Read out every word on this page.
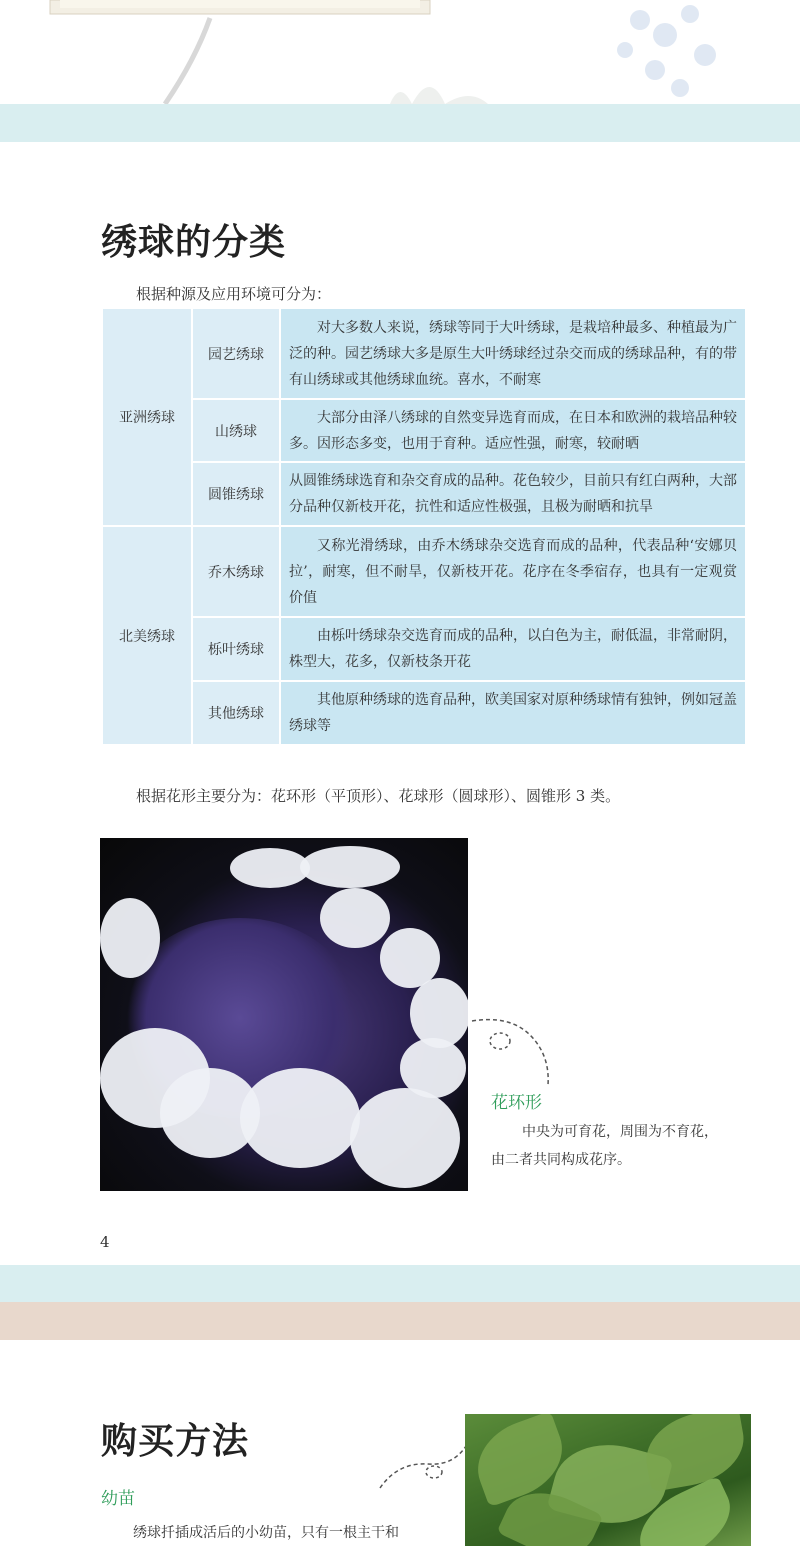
绣球的分类
根据种源及应用环境可分为：
亚洲绣球	园艺绣球	对大多数人来说，绣球等同于大叶绣球，是栽培种最多、种植最为广泛的种。园艺绣球大多是原生大叶绣球经过杂交而成的绣球品种，有的带有山绣球或其他绣球血统。喜水，不耐寒
	山绣球	大部分由泽八绣球的自然变异选育而成，在日本和欧洲的栽培品种较多。因形态多变，也用于育种。适应性强，耐寒，较耐晒
	圆锥绣球	从圆锥绣球选育和杂交育成的品种。花色较少，目前只有红白两种，大部分品种仅新枝开花，抗性和适应性极强，且极为耐晒和抗旱
北美绣球	乔木绣球	又称光滑绣球，由乔木绣球杂交选育而成的品种，代表品种‘安娜贝拉’，耐寒，但不耐旱，仅新枝开花。花序在冬季宿存，也具有一定观赏价值
	栎叶绣球	由栎叶绣球杂交选育而成的品种，以白色为主，耐低温，非常耐阴，株型大，花多，仅新枝条开花
	其他绣球	其他原种绣球的选育品种，欧美国家对原种绣球情有独钟，例如冠盖绣球等
根据花形主要分为：花环形（平顶形）、花球形（圆球形）、圆锥形 3 类。
花环形
中央为可育花，周围为不育花，
由二者共同构成花序。
4
购买方法
幼苗
绣球扦插成活后的小幼苗，只有一根主干和
